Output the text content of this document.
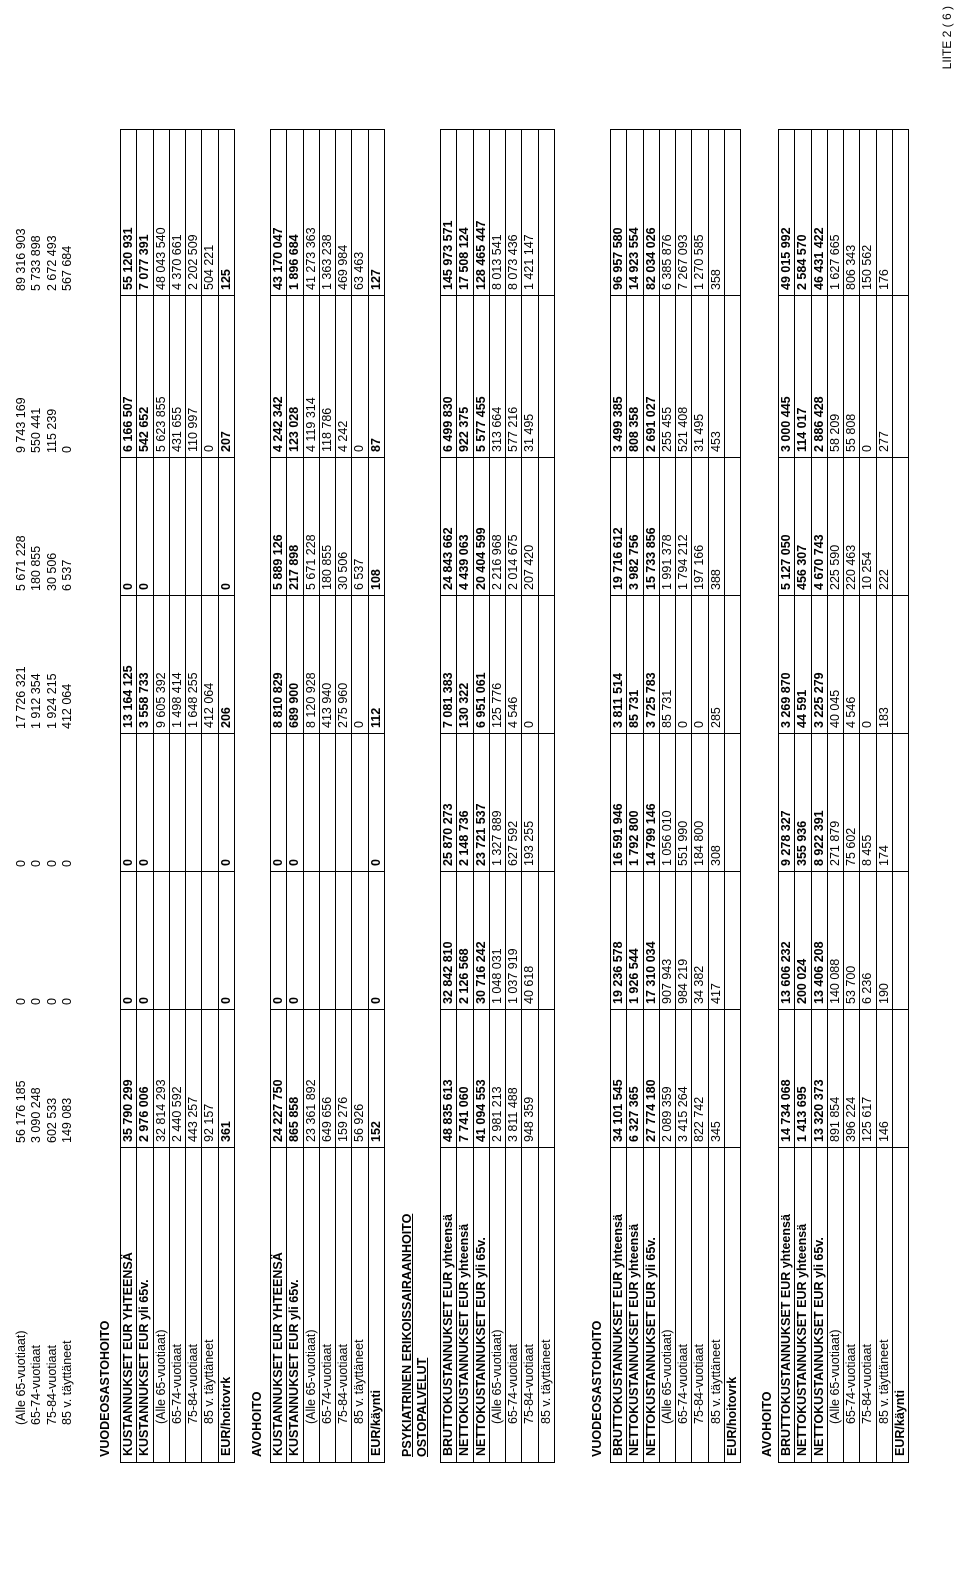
LIITE 2 ( 6 )
(Alle 65-vuotiaat)
56 176 185
0
0
17 726 321
5 671 228
9 743 169
89 316 903
65-74-vuotiaat
3 090 248
0
0
1 912 354
180 855
550 441
5 733 898
75-84-vuotiaat
602 533
0
0
1 924 215
30 506
115 239
2 672 493
85 v. täyttäneet
149 083
0
0
412 064
6 537
0
567 684
VUODEOSASTOHOITO KUSTANNUKSET EUR YHTEENSÄ
35 790 299
0
0
13 164 125
0
6 166 507
55 120 931
KUSTANNUKSET EUR yli 65v.
2 976 006
0
0
3 558 733
0
542 652
7 077 391
(Alle 65-vuotiaat)
32 814 293
9 605 392
5 623 855
48 043 540
65-74-vuotiaat
2 440 592
1 498 414
431 655
4 370 661
75-84-vuotiaat
443 257
1 648 255
110 997
2 202 509
85 v. täyttäneet
92 157
412 064
0
504 221
EUR/hoitovrk
361
0
0
206
0
207
125
AVOHOITO KUSTANNUKSET EUR YHTEENSÄ
24 227 750
0
0
8 810 829
5 889 126
4 242 342
43 170 047
KUSTANNUKSET EUR yli 65v.
865 858
0
0
689 900
217 898
123 028
1 896 684
(Alle 65-vuotiaat)
23 361 892
8 120 928
5 671 228
4 119 314
41 273 363
65-74-vuotiaat
649 656
413 940
180 855
118 786
1 363 238
75-84-vuotiaat
159 276
275 960
30 506
4 242
469 984
85 v. täyttäneet
56 926
0
6 537
0
63 463
EUR/käynti
152
0
0
112
108
87
127
PSYKIATRINEN ERIKOISSAIRAANHOITO OSTOPALVELUT BRUTTOKUSTANNUKSET EUR yhteensä
48 835 613
32 842 810
25 870 273
7 081 383
24 843 662
6 499 830
145 973 571
NETTOKUSTANNUKSET EUR yhteensä
7 741 060
2 126 568
2 148 736
130 322
4 439 063
922 375
17 508 124
NETTOKUSTANNUKSET EUR yli 65v.
41 094 553
30 716 242
23 721 537
6 951 061
20 404 599
5 577 455
128 465 447
(Alle 65-vuotiaat)
2 981 213
1 048 031
1 327 889
125 776
2 216 968
313 664
8 013 541
65-74-vuotiaat
3 811 488
1 037 919
627 592
4 546
2 014 675
577 216
8 073 436
75-84-vuotiaat
948 359
40 618
193 255
0
207 420
31 495
1 421 147
85 v. täyttäneet	VUODEOSASTOHOITO BRUTTOKUSTANNUKSET EUR yhteensä
34 101 545
19 236 578
16 591 946
3 811 514
19 716 612
3 499 385
96 957 580
NETTOKUSTANNUKSET EUR yhteensä
6 327 365
1 926 544
1 792 800
85 731
3 982 756
808 358
14 923 554
NETTOKUSTANNUKSET EUR yli 65v.
27 774 180
17 310 034
14 799 146
3 725 783
15 733 856
2 691 027
82 034 026
(Alle 65-vuotiaat)
2 089 359
907 943
1 056 010
85 731
1 991 378
255 455
6 385 876
65-74-vuotiaat
3 415 264
984 219
551 990
0
1 794 212
521 408
7 267 093
75-84-vuotiaat
822 742
34 382
184 800
0
197 166
31 495
1 270 585
85 v. täyttäneet
345
417
308
285
388
453
358
EUR/hoitovrk AVOHOITO BRUTTOKUSTANNUKSET EUR yhteensä
14 734 068
13 606 232
9 278 327
3 269 870
5 127 050
3 000 445
49 015 992
NETTOKUSTANNUKSET EUR yhteensä
1 413 695
200 024
355 936
44 591
456 307
114 017
2 584 570
NETTOKUSTANNUKSET EUR yli 65v.
13 320 373
13 406 208
8 922 391
3 225 279
4 670 743
2 886 428
46 431 422
(Alle 65-vuotiaat)
891 854
140 088
271 879
40 045
225 590
58 209
1 627 665
65-74-vuotiaat
396 224
53 700
75 602
4 546
220 463
55 808
806 343
75-84-vuotiaat
125 617
6 236
8 455
0
10 254
0
150 562
85 v. täyttäneet
146
190
174
183
222
277
176
EUR/käynti
